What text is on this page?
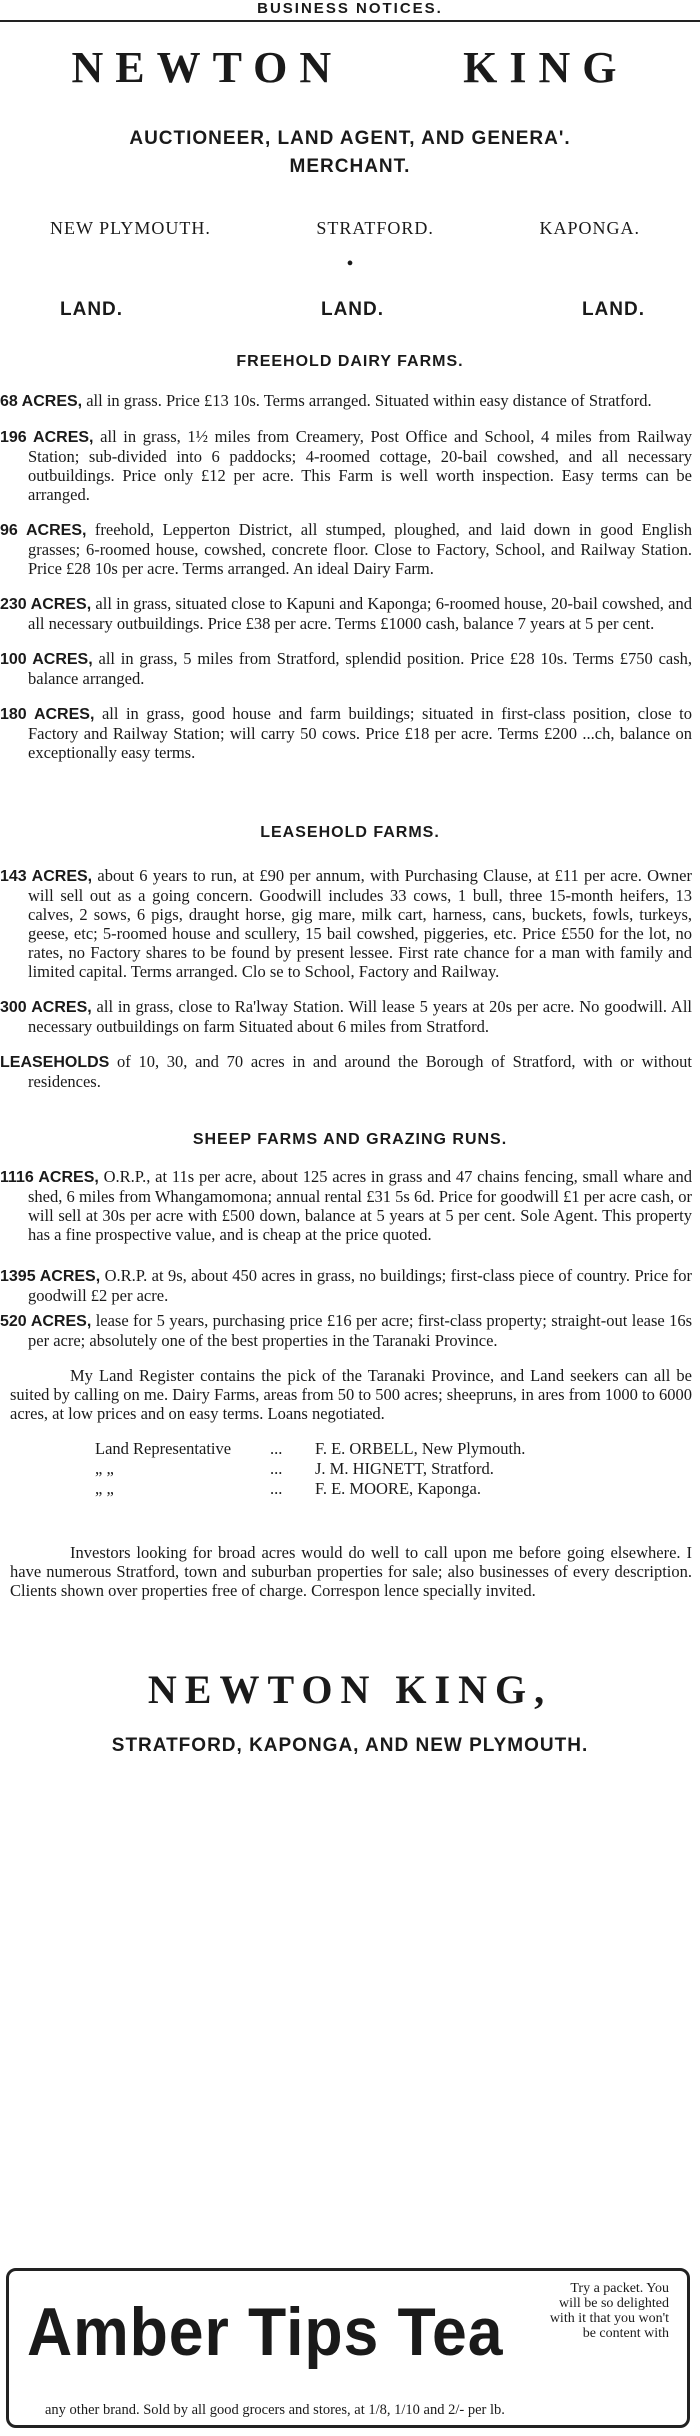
BUSINESS NOTICES.
NEWTON	KING
AUCTIONEER, LAND AGENT, AND GENERA'.
MERCHANT.
NEW PLYMOUTH.	STRATFORD.	KAPONGA.
•
LAND.	LAND.	LAND.
FREEHOLD DAIRY FARMS.
68 ACRES, all in grass. Price £13 10s. Terms arranged. Situated within easy distance of Stratford.
196 ACRES, all in grass, 1½ miles from Creamery, Post Office and School, 4 miles from Railway Station; sub-divided into 6 paddocks; 4-roomed cottage, 20-bail cowshed, and all necessary outbuildings. Price only £12 per acre. This Farm is well worth inspection. Easy terms can be arranged.
96 ACRES, freehold, Lepperton District, all stumped, ploughed, and laid down in good English grasses; 6-roomed house, cowshed, concrete floor. Close to Factory, School, and Railway Station. Price £28 10s per acre. Terms arranged. An ideal Dairy Farm.
230 ACRES, all in grass, situated close to Kapuni and Kaponga; 6-roomed house, 20-bail cowshed, and all necessary outbuildings. Price £38 per acre. Terms £1000 cash, balance 7 years at 5 per cent.
100 ACRES, all in grass, 5 miles from Stratford, splendid position. Price £28 10s. Terms £750 cash, balance arranged.
180 ACRES, all in grass, good house and farm buildings; situated in first-class position, close to Factory and Railway Station; will carry 50 cows. Price £18 per acre. Terms £200 ...ch, balance on exceptionally easy terms.
LEASEHOLD FARMS.
143 ACRES, about 6 years to run, at £90 per annum, with Purchasing Clause, at £11 per acre. Owner will sell out as a going concern. Goodwill includes 33 cows, 1 bull, three 15-month heifers, 13 calves, 2 sows, 6 pigs, draught horse, gig mare, milk cart, harness, cans, buckets, fowls, turkeys, geese, etc; 5-roomed house and scullery, 15 bail cowshed, piggeries, etc. Price £550 for the lot, no rates, no Factory shares to be found by present lessee. First rate chance for a man with family and limited capital. Terms arranged. Clo se to School, Factory and Railway.
300 ACRES, all in grass, close to Ra'lway Station. Will lease 5 years at 20s per acre. No goodwill. All necessary outbuildings on farm Situated about 6 miles from Stratford.
LEASEHOLDS of 10, 30, and 70 acres in and around the Borough of Stratford, with or without residences.
SHEEP FARMS AND GRAZING RUNS.
1116 ACRES, O.R.P., at 11s per acre, about 125 acres in grass and 47 chains fencing, small whare and shed, 6 miles from Whangamomona; annual rental £31 5s 6d. Price for goodwill £1 per acre cash, or will sell at 30s per acre with £500 down, balance at 5 years at 5 per cent. Sole Agent. This property has a fine prospective value, and is cheap at the price quoted.
1395 ACRES, O.R.P. at 9s, about 450 acres in grass, no buildings; first-class piece of country. Price for goodwill £2 per acre.
520 ACRES, lease for 5 years, purchasing price £16 per acre; first-class property; straight-out lease 16s per acre; absolutely one of the best properties in the Taranaki Province.
My Land Register contains the pick of the Taranaki Province, and Land seekers can all be suited by calling on me. Dairy Farms, areas from 50 to 500 acres; sheepruns, in ares from 1000 to 6000 acres, at low prices and on easy terms. Loans negotiated.
Land Representative	...	F. E. ORBELL, New Plymouth.
„ „	...	J. M. HIGNETT, Stratford.
„ „	...	F. E. MOORE, Kaponga.
Investors looking for broad acres would do well to call upon me before going elsewhere. I have numerous Stratford, town and suburban properties for sale; also businesses of every description. Clients shown over properties free of charge. Correspon lence specially invited.
NEWTON KING,
STRATFORD, KAPONGA, AND NEW PLYMOUTH.
Amber Tips Tea
Try a packet. You will be so delighted with it that you won't be content with
any other brand. Sold by all good grocers and stores, at 1/8, 1/10 and 2/- per lb.
